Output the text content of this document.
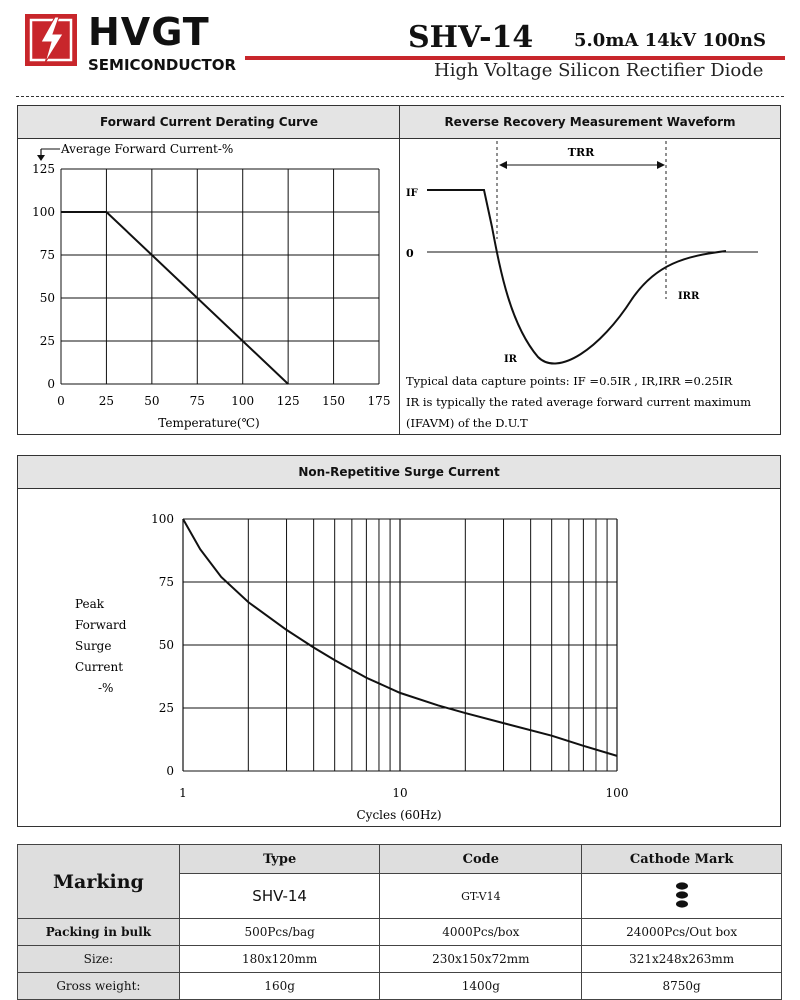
HVGT
SEMICONDUCTOR
SHV-14 5.0mA 14kV 100nS
High Voltage Silicon Rectifier Diode
Forward Current Derating Curve
0	25	50	75 100 125 150 175
125
100
75
50
25
0
Average Forward Current-%
Temperature(℃)
Reverse Recovery Measurement Waveform
TRR
IF
0
IRR
IR
Typical data capture points: IF =0.5IR , IR,IRR =0.25IR
IR is typically the rated average forward current maximum
(IFAVM) of the D.U.T
Non-Repetitive Surge Current
1	10	100
100
75
50
25
0
Peak
Forward
Surge
Current
-%
Cycles (60Hz)
Marking	Type	Code	Cathode Mark
	SHV-14	GT-V14	
Packing in bulk	500Pcs/bag	4000Pcs/box	24000Pcs/Out box
Size:	180x120mm	230x150x72mm	321x248x263mm
Gross weight:	160g	1400g	8750g
